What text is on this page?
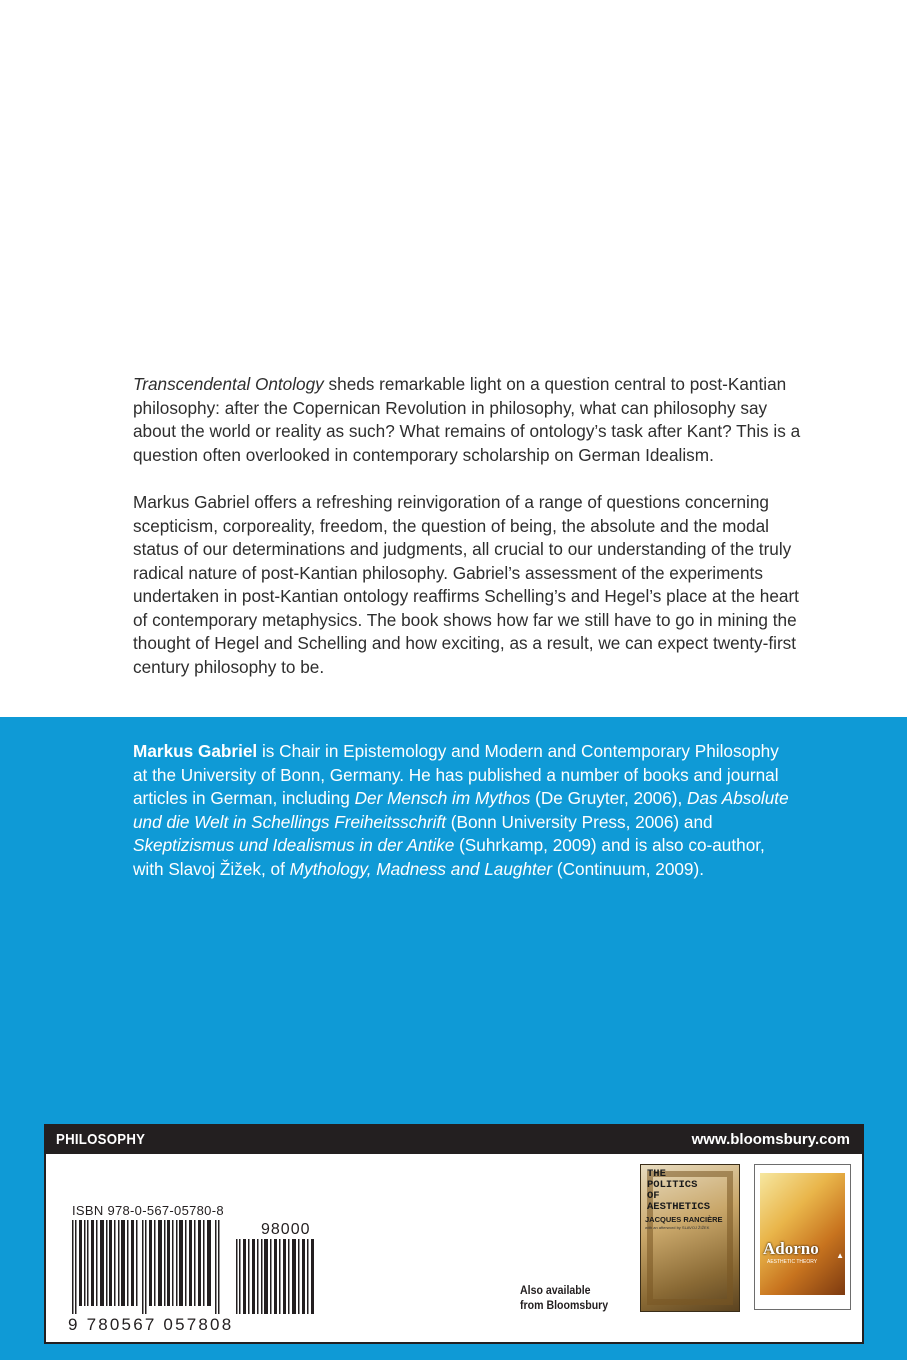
Transcendental Ontology sheds remarkable light on a question central to post-Kantian philosophy: after the Copernican Revolution in philosophy, what can philosophy say about the world or reality as such? What remains of ontology’s task after Kant? This is a question often overlooked in contemporary scholarship on German Idealism.

Markus Gabriel offers a refreshing reinvigoration of a range of questions concerning scepticism, corporeality, freedom, the question of being, the absolute and the modal status of our determinations and judgments, all crucial to our understanding of the truly radical nature of post-Kantian philosophy. Gabriel’s assessment of the experiments undertaken in post-Kantian ontology reaffirms Schelling’s and Hegel’s place at the heart of contemporary metaphysics. The book shows how far we still have to go in mining the thought of Hegel and Schelling and how exciting, as a result, we can expect twenty-first century philosophy to be.

Markus Gabriel is Chair in Epistemology and Modern and Contemporary Philosophy at the University of Bonn, Germany. He has published a number of books and journal articles in German, including Der Mensch im Mythos (De Gruyter, 2006), Das Absolute und die Welt in Schellings Freiheitsschrift (Bonn University Press, 2006) and Skeptizismus und Idealismus in der Antike (Suhrkamp, 2009) and is also co-author, with Slavoj Žižek, of Mythology, Madness and Laughter (Continuum, 2009).

PHILOSOPHY	www.bloomsbury.com
ISBN 978-0-567-05780-8
98000
9 780567 057808
Also available
from Bloomsbury
THE
POLITICS
OF
AESTHETICS
JACQUES RANCIÈRE
with an afterword by SLAVOJ ŽIŽEK
Adorno
AESTHETIC THEORY
▲
